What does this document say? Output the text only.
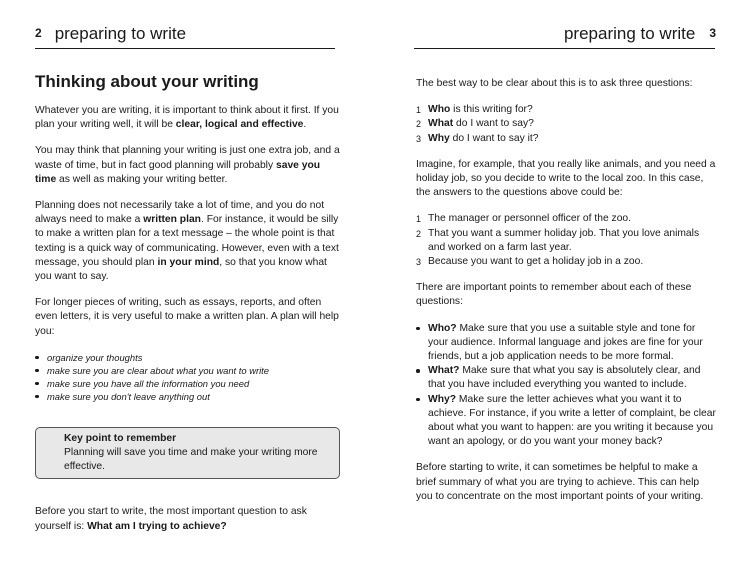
2 preparing to write
Thinking about your writing

Whatever you are writing, it is important to think about it first. If you plan your writing well, it will be clear, logical and effective.

You may think that planning your writing is just one extra job, and a waste of time, but in fact good planning will probably save you time as well as making your writing better.

Planning does not necessarily take a lot of time, and you do not always need to make a written plan. For instance, it would be silly to make a written plan for a text message – the whole point is that texting is a quick way of communicating. However, even with a text message, you should plan in your mind, so that you know what you want to say.

For longer pieces of writing, such as essays, reports, and often even letters, it is very useful to make a written plan. A plan will help you:

organize your thoughts
make sure you are clear about what you want to write
make sure you have all the information you need
make sure you don't leave anything out
Key point to remember
Planning will save you time and make your writing more effective.

Before you start to write, the most important question to ask yourself is: What am I trying to achieve?

preparing to write 3

The best way to be clear about this is to ask three questions:

1 Who is this writing for?
2 What do I want to say?
3 Why do I want to say it?

Imagine, for example, that you really like animals, and you need a holiday job, so you decide to write to the local zoo. In this case, the answers to the questions above could be:

1 The manager or personnel officer of the zoo.
2 That you want a summer holiday job. That you love animals and worked on a farm last year.
3 Because you want to get a holiday job in a zoo.

There are important points to remember about each of these questions:

Who? Make sure that you use a suitable style and tone for your audience. Informal language and jokes are fine for your friends, but a job application needs to be more formal.
What? Make sure that what you say is absolutely clear, and that you have included everything you wanted to include.
Why? Make sure the letter achieves what you want it to achieve. For instance, if you write a letter of complaint, be clear about what you want to happen: are you writing it because you want an apology, or do you want your money back?

Before starting to write, it can sometimes be helpful to make a brief summary of what you are trying to achieve. This can help you to concentrate on the most important points of your writing.
